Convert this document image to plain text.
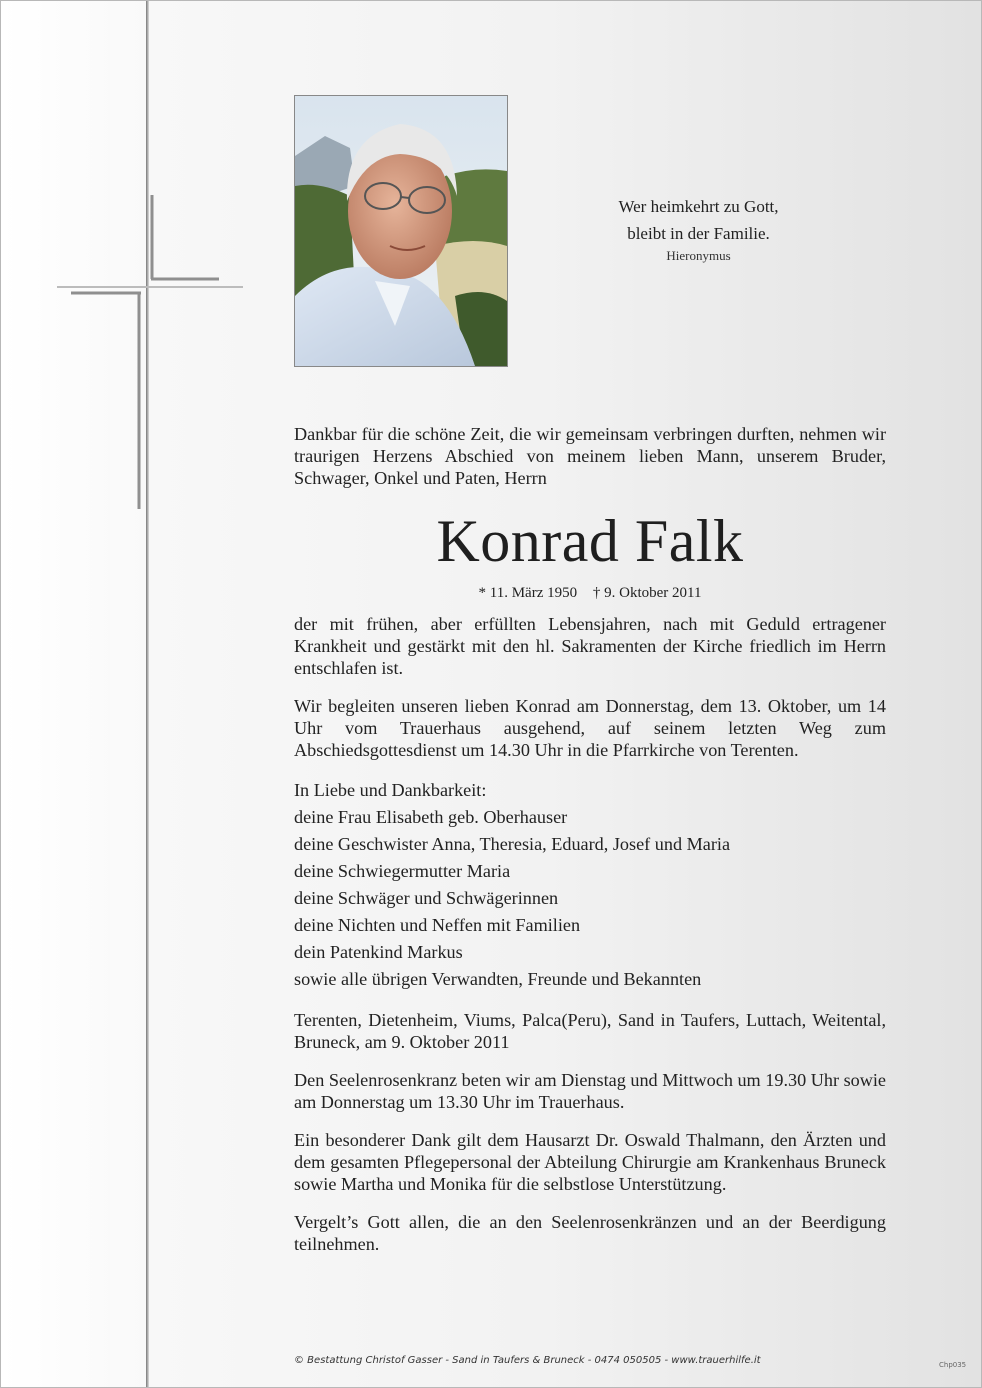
Wer heimkehrt zu Gott,
bleibt in der Familie.
Hieronymus

Dankbar für die schöne Zeit, die wir gemeinsam verbringen durften, nehmen wir traurigen Herzens Abschied von meinem lieben Mann, unserem Bruder, Schwager, Onkel und Paten, Herrn

Konrad Falk
* 11. März 1950 † 9. Oktober 2011

der mit frühen, aber erfüllten Lebensjahren, nach mit Geduld ertragener Krankheit und gestärkt mit den hl. Sakramenten der Kirche friedlich im Herrn entschlafen ist.

Wir begleiten unseren lieben Konrad am Donnerstag, dem 13. Oktober, um 14 Uhr vom Trauerhaus ausgehend, auf seinem letzten Weg zum Abschiedsgottesdienst um 14.30 Uhr in die Pfarrkirche von Terenten.

In Liebe und Dankbarkeit:
deine Frau Elisabeth geb. Oberhauser
deine Geschwister Anna, Theresia, Eduard, Josef und Maria
deine Schwiegermutter Maria
deine Schwäger und Schwägerinnen
deine Nichten und Neffen mit Familien
dein Patenkind Markus
sowie alle übrigen Verwandten, Freunde und Bekannten

Terenten, Dietenheim, Viums, Palca(Peru), Sand in Taufers, Luttach, Weitental, Bruneck, am 9. Oktober 2011

Den Seelenrosenkranz beten wir am Dienstag und Mittwoch um 19.30 Uhr sowie am Donnerstag um 13.30 Uhr im Trauerhaus.

Ein besonderer Dank gilt dem Hausarzt Dr. Oswald Thalmann, den Ärzten und dem gesamten Pflegepersonal der Abteilung Chirurgie am Krankenhaus Bruneck sowie Martha und Monika für die selbstlose Unterstützung.

Vergelt’s Gott allen, die an den Seelenrosenkränzen und an der Beerdigung teilnehmen.

© Bestattung Christof Gasser - Sand in Taufers & Bruneck - 0474 050505 - www.trauerhilfe.it	Chp035
